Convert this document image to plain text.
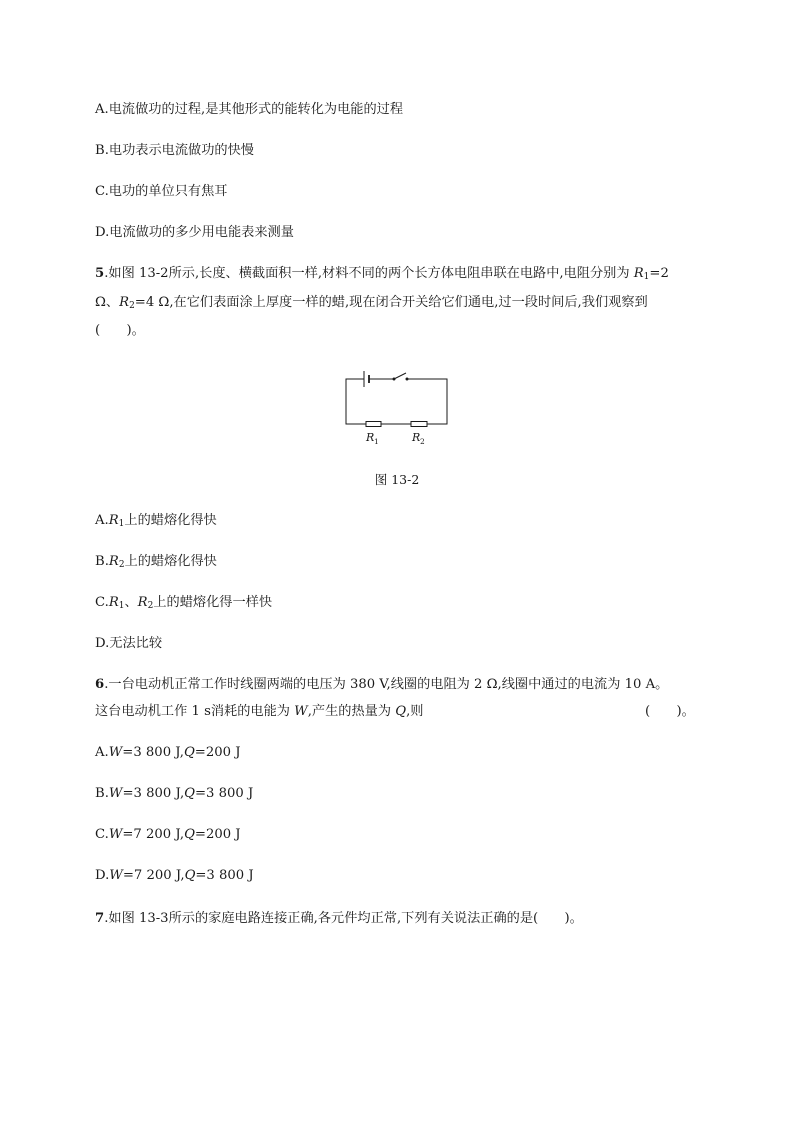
A.电流做功的过程,是其他形式的能转化为电能的过程
B.电功表示电流做功的快慢
C.电功的单位只有焦耳
D.电流做功的多少用电能表来测量
5.如图 13-2所示,长度、横截面积一样,材料不同的两个长方体电阻串联在电路中,电阻分别为 $R_1=2$
Ω、$R_2=4$ Ω,在它们表面涂上厚度一样的蜡,现在闭合开关给它们通电,过一段时间后,我们观察到
(　　)。
R 1	R 2
图 13-2
$A.R_1$上的蜡熔化得快
$B.R_2$上的蜡熔化得快
$C.R_1$、$R_2$上的蜡熔化得一样快
D.无法比较
6.一台电动机正常工作时线圈两端的电压为 380 V,线圈的电阻为 2 Ω,线圈中通过的电流为 10 A。
这台电动机工作 1 s消耗的电能为 W,产生的热量为 Q,则	(　　)。
A.W=3 800 J,Q=200 J
B.W=3 800 J,Q=3 800 J
C.W=7 200 J,Q=200 J
D.W=7 200 J,Q=3 800 J
7.如图 13-3所示的家庭电路连接正确,各元件均正常,下列有关说法正确的是(　　)。
